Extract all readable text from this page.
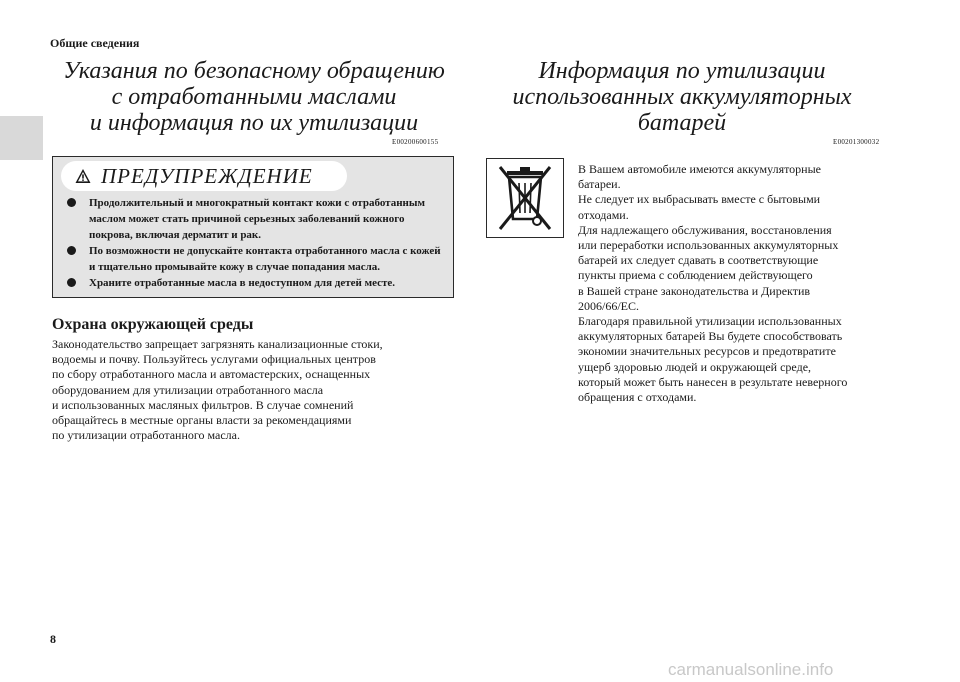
Общие сведения
Указания по безопасному обращению
с отработанными маслами
и информация по их утилизации
E00200600155
ПРЕДУПРЕЖДЕНИЕ
Продолжительный и многократный контакт кожи с отработанным маслом может стать причиной серьезных заболеваний кожного покрова, включая дерматит и рак.
По возможности не допускайте контакта отработанного масла с кожей и тщательно промывайте кожу в случае попадания масла.
Храните отработанные масла в недоступном для детей месте.
Охрана окружающей среды

Законодательство запрещает загрязнять канализационные стоки,

водоемы и почву. Пользуйтесь услугами официальных центров

по сбору отработанного масла и автомастерских, оснащенных

оборудованием для утилизации отработанного масла

и использованных масляных фильтров. В случае сомнений

обращайтесь в местные органы власти за рекомендациями

по утилизации отработанного масла.

Информация по утилизации
использованных аккумуляторных
батарей
E00201300032

В Вашем автомобиле имеются аккумуляторные

батареи.

Не следует их выбрасывать вместе с бытовыми

отходами.

Для надлежащего обслуживания, восстановления

или переработки использованных аккумуляторных

батарей их следует сдавать в соответствующие

пункты приема с соблюдением действующего

в Вашей стране законодательства и Директив

2006/66/EC.

Благодаря правильной утилизации использованных

аккумуляторных батарей Вы будете способствовать

экономии значительных ресурсов и предотвратите

ущерб здоровью людей и окружающей среде,

который может быть нанесен в результате неверного

обращения с отходами.

8
carmanualsonline.info
